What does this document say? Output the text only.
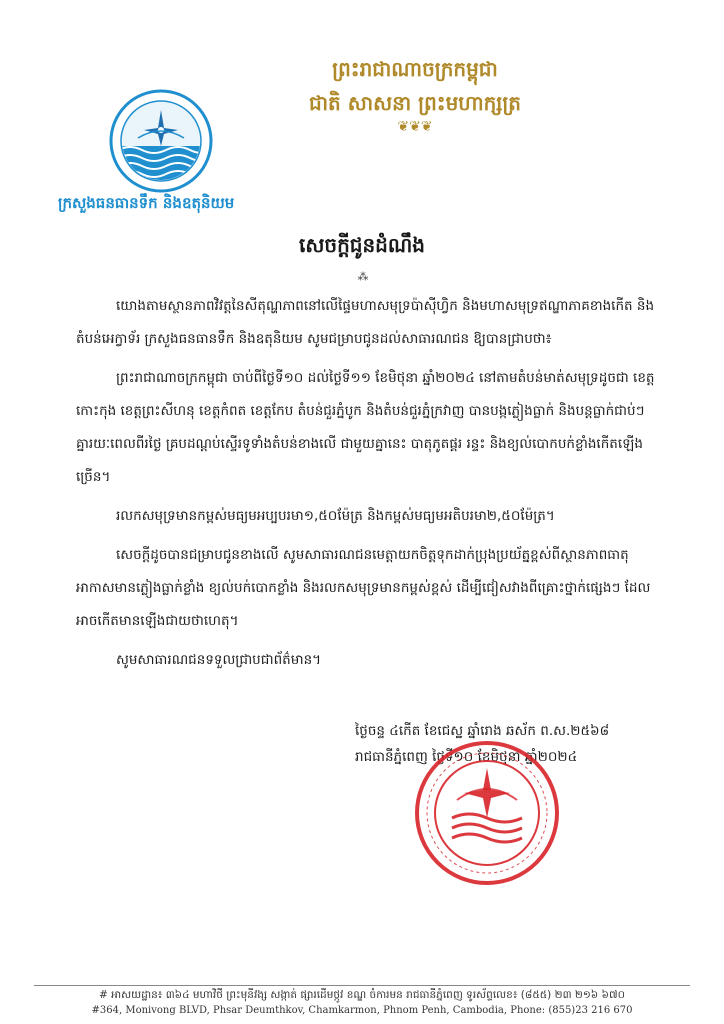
ក្រសួងធនធានទឹក និងឧតុនិយម
ព្រះរាជាណាចក្រកម្ពុជា
ជាតិ សាសនា ព្រះមហាក្សត្រ
❦❦❦
សេចក្តីជូនដំណឹង
⁂

យោងតាមស្ថានភាពវិវត្តនៃសីតុណ្ហភាពនៅលើផ្ទៃមហាសមុទ្រប៉ាស៊ីហ្វិក និងមហាសមុទ្រឥណ្ឌាភាគខាងកើត និងតំបន់អេក្វាទ័រ ក្រសួងធនធានទឹក និងឧតុនិយម សូមជម្រាបជូនដល់សាធារណជន ឱ្យបានជ្រាបថា៖

ព្រះរាជាណាចក្រកម្ពុជា ចាប់ពីថ្ងៃទី១០ ដល់ថ្ងៃទី១១ ខែមិថុនា ឆ្នាំ២០២៤ នៅតាមតំបន់មាត់សមុទ្រដូចជា ខេត្តកោះកុង ខេត្តព្រះសីហនុ ខេត្តកំពត ខេត្តកែប តំបន់ជួរភ្នំបូក និងតំបន់ជួរភ្នំក្រវាញ បានបង្កភ្លៀងធ្លាក់ និងបន្តធ្លាក់ជាប់ៗគ្នារយៈពេលពីរថ្ងៃ គ្របដណ្តប់ស្ទើរទូទាំងតំបន់ខាងលើ ជាមួយគ្នានេះ បាតុភូតផ្គរ រន្ទះ និងខ្យល់បោកបក់ខ្លាំងកើតឡើងច្រើន។

រលកសមុទ្រមានកម្ពស់មធ្យមអប្បបរមា១,៥០ម៉ែត្រ និងកម្ពស់មធ្យមអតិបរមា២,៥០ម៉ែត្រ។

សេចក្តីដូចបានជម្រាបជូនខាងលើ សូមសាធារណជនមេត្តាយកចិត្តទុកដាក់ប្រុងប្រយ័ត្នខ្ពស់ពីស្ថានភាពធាតុអាកាសមានភ្លៀងធ្លាក់ខ្លាំង ខ្យល់បក់បោកខ្លាំង និងរលកសមុទ្រមានកម្ពស់ខ្ពស់ ដើម្បីជៀសវាងពីគ្រោះថ្នាក់ផ្សេងៗ ដែលអាចកើតមានឡើងជាយថាហេតុ។

សូមសាធារណជនទទួលជ្រាបជាព័ត៌មាន។

ថ្ងៃចន្ទ ៤កើត ខែជេស្ឋ ឆ្នាំរោង ឆស័ក ព.ស.២៥៦៨
រាជធានីភ្នំពេញ ថ្ងៃទី១០ ខែមិថុនា ឆ្នាំ២០២៤
# អាសយដ្ឋាន៖ ៣៦៤ មហាវិថី ព្រះមុនីវង្ស សង្កាត់ ផ្សារដើមថ្កូវ ខណ្ឌ ចំការមន រាជធានីភ្នំពេញ ទូរស័ព្ទលេខ៖ (៨៥៥) ២៣ ២១៦ ៦៧០
#364, Monivong BLVD, Phsar Deumthkov, Chamkarmon, Phnom Penh, Cambodia, Phone: (855)23 216 670
